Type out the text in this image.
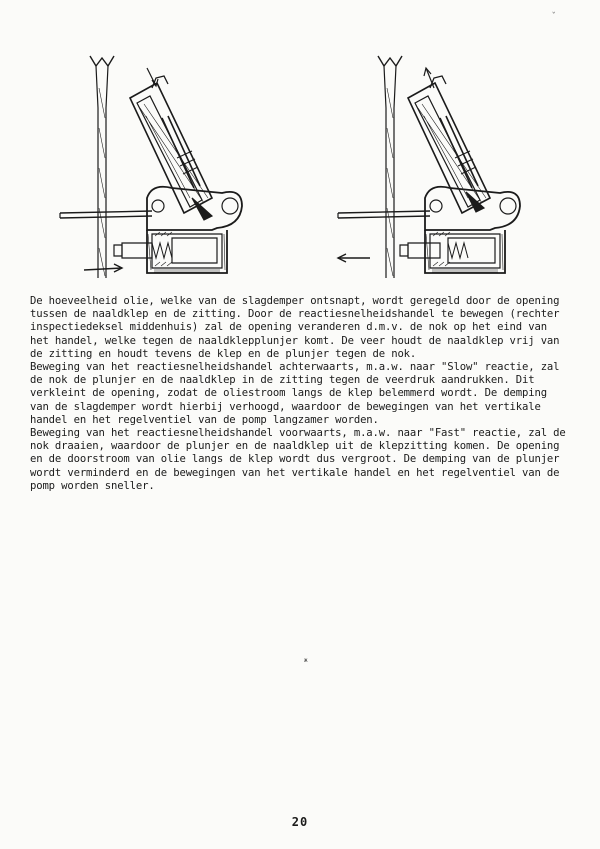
ˇ
De hoeveelheid olie, welke van de slagdemper ontsnapt, wordt geregeld door de opening
tussen de naaldklep en de zitting. Door de reactiesnelheidshandel te bewegen (rechter
inspectiedeksel middenhuis) zal de opening veranderen d.m.v. de nok op het eind van
het handel, welke tegen de naaldklepplunjer komt. De veer houdt de naaldklep vrij van
de zitting en houdt tevens de klep en de plunjer tegen de nok.
Beweging van het reactiesnelheidshandel achterwaarts, m.a.w. naar "Slow" reactie, zal
de nok de plunjer en de naaldklep in de zitting tegen de veerdruk aandrukken. Dit
verkleint de opening, zodat de oliestroom langs de klep belemmerd wordt. De demping
van de slagdemper wordt hierbij verhoogd, waardoor de bewegingen van het vertikale
handel en het regelventiel van de pomp langzamer worden.
Beweging van het reactiesnelheidshandel voorwaarts, m.a.w. naar "Fast" reactie, zal de
nok draaien, waardoor de plunjer en de naaldklep uit de klepzitting komen. De opening
en de doorstroom van olie langs de klep wordt dus vergroot. De demping van de plunjer
wordt verminderd en de bewegingen van het vertikale handel en het regelventiel van de
pomp worden sneller.
ж
20
